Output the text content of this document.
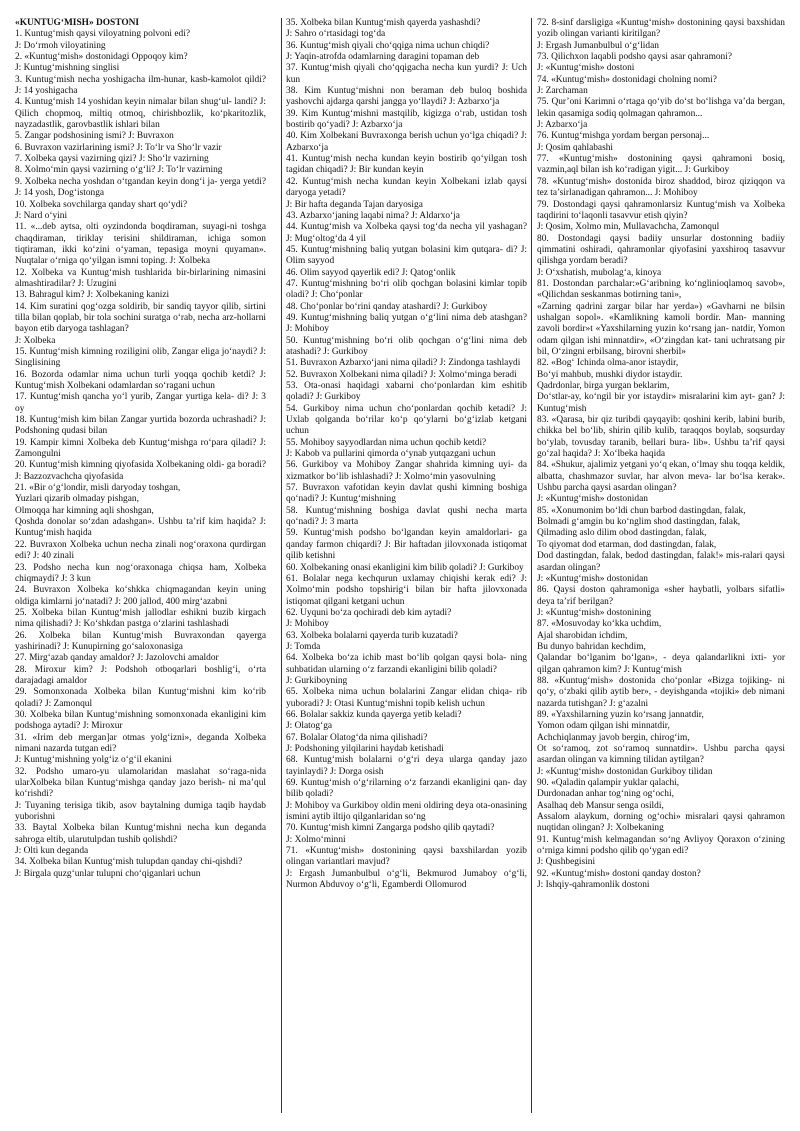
«KUNTUG‘MISH» DOSTONI
1. Kuntug‘mish qaysi viloyatning polvoni edi?
J: Do‘rmoh viloyatining
2. «Kuntug‘mish» dostonidagi Oppoqoy kim?
J: Kuntug‘mishning singlisi
3. Kuntug‘mish necha yoshigacha ilm-hunar, kasb-kamolot qildi? J: 14 yoshigacha
4. Kuntug‘mish 14 yoshidan keyin nimalar bilan shug‘ul- landi? J: Qilich chopmoq, miltiq otmoq, chirishbozlik, ko‘pkaritozlik, nayzadastlik, garovbastlik ishlari bilan
5. Zangar podshosining ismi? J: Buvraxon
6. Buvraxon vazirlarining ismi? J: To‘lr va Sho‘lr vazir
7. Xolbeka qaysi vazirning qizi? J: Sho‘lr vazirning
8. Xolmo‘min qaysi vazirning o‘g‘li? J: To‘lr vazirning
9. Xolbeka necha yoshdan o‘tgandan keyin dong‘i ja- yerga yetdi? J: 14 yosh, Dog‘istonga
10. Xolbeka sovchilarga qanday shart qo‘ydi?
J: Nard o‘yini
11. «...deb aytsa, olti oyzindonda boqdiraman, suyagi-ni toshga chaqdiraman, tiriklay terisini shildiraman, ichiga somon tiqtiraman, ikki ko‘zini o‘yaman, tepasiga moyni quyaman». Nuqtalar o‘rniga qo‘yilgan ismni toping. J: Xolbeka
12. Xolbeka va Kuntug‘mish tushlarida bir-birlarining nimasini almashtiradilar? J: Uzugini
13. Bahragul kim? J: Xolbekaning kanizi
14. Kim suratini qog‘ozga soldirib, bir sandiq tayyor qilib, sirtini tilla bilan qoplab, bir tola sochini suratga o‘rab, necha arz-hollarni bayon etib daryoga tashlagan?
J: Xolbeka
15. Kuntug‘mish kimning roziligini olib, Zangar eliga jo‘naydi? J: Singlisining
16. Bozorda odamlar nima uchun turli yoqqa qochib ketdi? J: Kuntug‘mish Xolbekani odamlardan so‘ragani uchun
17. Kuntug‘mish qancha yo‘l yurib, Zangar yurtiga kela- di? J: 3 oy
18. Kuntug‘mish kim bilan Zangar yurtida bozorda uchrashadi? J: Podshoning qudasi bilan
19. Kampir kimni Xolbeka deb Kuntug‘mishga ro‘para qiladi? J: Zamongulni
20. Kuntug‘mish kimning qiyofasida Xolbekaning oldi- ga boradi? J: Bazzozvachcha qiyofasida
21. «Bir o‘g‘londir, misli daryoday toshgan,
Yuzlari qizarib olmaday pishgan,
Olmoqqa har kimning aqli shoshgan,
Qoshda donolar so‘zdan adashgan». Ushbu ta’rif kim haqida? J: Kuntug‘mish haqida
22. Buvraxon Xolbeka uchun necha zinali nog‘oraxona qurdirgan edi? J: 40 zinali
23. Podsho necha kun nog‘oraxonaga chiqsa ham, Xolbeka chiqmaydi? J: 3 kun
24. Buvraxon Xolbeka ko‘shkka chiqmagandan keyin uning oldiga kimlarni jo‘natadi? J: 200 jallod, 400 mirg‘azabni
25. Xolbeka bilan Kuntug‘mish jallodlar eshikni buzib kirgach nima qilishadi? J: Ko‘shkdan pastga o‘zlarini tashlashadi
26. Xolbeka bilan Kuntug‘mish Buvraxondan qayerga yashirinadi? J: Kunupirning go‘saloxonasiga
27. Mirg‘azab qanday amaldor? J: Jazolovchi amaldor
28. Miroxur kim? J: Podshoh otboqarlari boshlig‘i, o‘rta darajadagi amaldor
29. Somonxonada Xolbeka bilan Kuntug‘mishni kim ko‘rib qoladi? J: Zamonqul
30. Xolbeka bilan Kuntug‘mishning somonxonada ekanligini kim podshoga aytadi? J: Miroxur
31. «Irim deb mergan]ar otmas yolg‘izni», deganda Xolbeka nimani nazarda tutgan edi?
J: Kuntug‘mishning yolg‘iz o‘g‘il ekanini
32. Podsho umaro-yu ulamolaridan maslahat so‘raga-nida ularXolbeka bilan Kuntug‘mishga qanday jazo berish- ni ma’qul ko‘rishdi?
J: Tuyaning terisiga tikib, asov baytalning dumiga taqib haydab yuborishni
33. Baytal Xolbeka bilan Kuntug‘mishni necha kun deganda sahroga eltib, ularutulpdan tushib qolishdi?
J: Olti kun deganda
34. Xolbeka bilan Kuntug‘mish tulupdan qanday chi-qishdi?
J: Birgala quzg‘unlar tulupni cho‘qiganlari uchun
35. Xolbeka bilan Kuntug‘mish qayerda yashashdi?
J: Sahro o‘rtasidagi tog‘da
36. Kuntug‘mish qiyali cho‘qqiga nima uchun chiqdi?
J: Yaqin-atrofda odamlarning daragini topaman deb
37. Kuntug‘mish qiyali cho‘qqigacha necha kun yurdi? J: Uch kun
38. Kim Kuntug‘mishni non beraman deb buloq boshida yashovchi ajdarga qarshi jangga yo‘llaydi? J: Azbarxo‘ja
39. Kim Kuntug‘mishni mastqilib, kigizga o‘rab, ustidan tosh bostirib qo‘yadi? J: Azbarxo‘ja
40. Kim Xolbekani Buvraxonga berish uchun yo‘lga chiqadi? J: Azbarxo‘ja
41. Kuntug‘mish necha kundan keyin bostirib qo‘yilgan tosh tagidan chiqadi? J: Bir kundan keyin
42. Kuntug‘mish necha kundan keyin Xolbekani izlab qaysi daryoga yetadi?
J: Bir hafta deganda Tajan daryosiga
43. Azbarxo‘janing laqabi nima? J: Aldarxo‘ja
44. Kuntug‘mish va Xolbeka qaysi tog‘da necha yil yashagan? J: Mug‘oltog‘da 4 yil
45. Kuntug‘mishning baliq yutgan bolasini kim qutqara- di? J: Olim sayyod
46. Olim sayyod qayerlik edi? J: Qatog‘onlik
47. Kuntug‘mishning bo‘ri olib qochgan bolasini kimlar topib oladi? J: Cho‘ponlar
48. Cho‘ponlar bo‘rini qanday atashardi? J: Gurkiboy
49. Kuntug‘mishning baliq yutgan o‘g‘lini nima deb atashgan? J: Mohiboy
50. Kuntug‘mishning bo‘ri olib qochgan o‘g‘lini nima deb atashadi? J: Gurkiboy
51. Buvraxon Azbarxo‘jani nima qiladi? J: Zindonga tashlaydi
52. Buvraxon Xolbekani nima qiladi? J: Xolmo‘minga beradi
53. Ota-onasi haqidagi xabarni cho‘ponlardan kim eshitib qoladi? J: Gurkiboy
54. Gurkiboy nima uchun cho‘ponlardan qochib ketadi? J: Uxlab qolganda bo‘rilar ko‘p qo‘ylarni bo‘g‘izlab ketgani uchun
55. Mohiboy sayyodlardan nima uchun qochib ketdi?
J: Kabob va pullarini qimorda o‘ynab yutqazgani uchun
56. Gurkiboy va Mohiboy Zangar shahrida kimning uyi- da xizmatkor bo‘lib ishlashadi? J: Xolmo‘min yasovulning
57. Buvraxon vafotidan keyin davlat qushi kimning boshiga qo‘nadi? J: Kuntug‘mishning
58. Kuntug‘mishning boshiga davlat qushi necha marta qo‘nadi? J: 3 marta
59. Kuntug‘mish podsho bo‘lgandan keyin amaldorlari- ga qanday farmon chiqardi? J: Bir haftadan jilovxonada istiqomat qilib ketishni
60. Xolbekaning onasi ekanligini kim bilib qoladi? J: Gurkiboy
61. Bolalar nega kechqurun uxlamay chiqishi kerak edi? J: Xolmo‘min podsho topshirig‘i bilan bir hafta jilovxonada istiqomat qilgani ketgani uchun
62. Uyquni bo‘za qochiradi deb kim aytadi?
J: Mohiboy
63. Xolbeka bolalarni qayerda turib kuzatadi?
J: Tomda
64. Xolbeka bo‘za ichib mast bo‘lib qolgan qaysi bola- ning suhbatidan ularning o‘z farzandi ekanligini bilib qoladi?
J: Gurkiboyning
65. Xolbeka nima uchun bolalarini Zangar elidan chiqa- rib yuboradi? J: Otasi Kuntug‘mishni topib kelish uchun
66. Bolalar sakkiz kunda qayerga yetib keladi?
J: Olatog‘ga
67. Bolalar Olatog‘da nima qilishadi?
J: Podshoning yilqilarini haydab ketishadi
68. Kuntug‘mish bolalarni o‘g‘ri deya ularga qanday jazo tayinlaydi? J: Dorga osish
69. Kuntug‘mish o‘g‘rilarning o‘z farzandi ekanligini qan- day bilib qoladi?
J: Mohiboy va Gurkiboy oldin meni oldiring deya ota-onasining ismini aytib iltijo qilganlaridan so‘ng
70. Kuntug‘mish kimni Zangarga podsho qilib qaytadi?
J: Xolmo‘minni
71. «Kuntug‘mish» dostonining qaysi baxshilardan yozib olingan variantlari mavjud?
J: Ergash Jumanbulbul o‘g‘li, Bekmurod Jumaboy o‘g‘li, Nurmon Abduvoy o‘g‘li, Egamberdi Ollomurod
72. 8-sinf darsligiga «Kuntug‘mish» dostonining qaysi baxshidan yozib olingan varianti kiritilgan?
J: Ergash Jumanbulbul o‘g‘lidan
73. Qilichxon laqabli podsho qaysi asar qahramoni?
J: «Kuntug‘mish» dostoni
74. «Kuntug‘mish» dostonidagi cholning nomi?
J: Zarchaman
75. Qur’oni Karimni o‘rtaga qo‘yib do‘st bo‘lishga va’da bergan, lekin qasamiga sodiq qolmagan qahramon...
J: Azbarxo‘ja
76. Kuntug‘mishga yordam bergan personaj...
J: Qosim qahlabashi
77. «Kuntug‘mish» dostonining qaysi qahramoni bosiq, vazmin,aql bilan ish ko‘radigan yigit... J: Gurkiboy
78. «Kuntug‘mish» dostonida biroz shaddod, biroz qiziqqon va tez ta’sirlanadigan qahramon... J: Mohiboy
79. Dostondagi qaysi qahramonlarsiz Kuntug‘mish va Xolbeka taqdirini to‘laqonli tasavvur etish qiyin?
J: Qosim, Xolmo min, Mullavachcha, Zamonqul
80. Dostondagi qaysi badiiy unsurlar dostonning badiiy qimmatini oshiradi, qahramonlar qiyofasini yaxshiroq tasavvur qilishga yordam beradi?
J: O‘xshatish, mubolag‘a, kinoya
81. Dostondan parchalar:»G‘aribning ko‘nglinioqlamoq savob», «Qilichdan seskanmas botirning tani»,
«Zarning qadrini zargar bilar har yerda») «Gavharni ne bilsin ushalgan sopol». «Kamlikning kamoli bordir. Man- manning zavoli bordir»t «Yaxshilarning yuzin ko‘rsang jan- natdir, Yomon odam qilgan ishi minnatdir», «O‘zingdan kat- tani uchratsang pir bil, O‘zingni erbilsang, birovni sherbil»
82. «Bog‘ Ichinda olma-anor istaydir,
Bo‘yi mahbub, mushki diydor istaydir.
Qadrdonlar, birga yurgan beklarim,
Do‘stlar-ay, ko‘ngil bir yor istaydir» misralarini kim ayt- gan? J: Kuntug‘mish
83. «Qarasa, bir qiz turibdi qayqayib: qoshini kerib, labini burib, chikka bel bo‘lib, shirin qilib kulib, taraqqos boylab, soqsurday bo‘ylab, tovusday taranib, bellari bura- lib». Ushbu ta’rif qaysi go‘zal haqida? J: Xo‘lbeka haqida
84. «Shukur, ajalimiz yetgani yo‘q ekan, o‘lmay shu toqqa keldik, albatta, chashmazor suvlar, har alvon meva- lar bo‘lsa kerak». Ushbu parcha qaysi asardan olingan?
J: «Kuntug‘mish» dostonidan
85. «Xonumonim bo‘ldi chun barbod dastingdan, falak,
Bolmadi g‘amgin bu ko‘nglim shod dastingdan, falak,
Qilmading aslo dilim obod dastingdan, falak,
To qiyomat dod etarman, dod dastingdan, falak,
Dod dastingdan, falak, bedod dastingdan, falak!» mis-ralari qaysi asardan olingan?
J: «Kuntug‘mish» dostonidan
86. Qaysi doston qahramoniga «sher haybatli, yolbars sifatli» deya ta’rif berilgan?
J: «Kuntug‘mish» dostonining
87. «Mosuvoday ko‘kka uchdim,
Ajal sharobidan ichdim,
Bu dunyo bahridan kechdim,
Qalandar bo‘lganim bo‘lgan», - deya qalandarlikni ixti- yor qilgan qahramon kim? J: Kuntug‘mish
88. «Kuntug‘mish» dostonida cho‘ponlar «Bizga tojiking- ni qo‘y, o‘zbaki qilib aytib ber», - deyishganda «tojiki» deb nimani nazarda tutishgan? J: g‘azalni
89. «Yaxshilarning yuzin ko‘rsang jannatdir,
Yomon odam qilgan ishi minnatdir,
Achchiqlanmay javob bergin, chirog‘im,
Ot so‘ramoq, zot so‘ramoq sunnatdir». Ushbu parcha qaysi asardan olingan va kimning tilidan aytilgan?
J: «Kuntug‘mish» dostonidan Gurkiboy tilidan
90. «Qaladin qalampir yuklar qalachi,
Durdonadan anhar tog‘ning og‘ochi,
Asalhaq deb Mansur senga osildi,
Assalom alaykum, dorning og‘ochi» misralari qaysi qahramon nuqtidan olingan? J: Xolbekaning
91. Kuntug‘mish kelmagandan so‘ng Avliyoy Qoraxon o‘zining o‘rniga kimni podsho qilib qo‘ygan edi?
J: Qushbegisini
92. «Kuntug‘mish» dostoni qanday doston?
J: Ishqiy-qahramonlik dostoni
